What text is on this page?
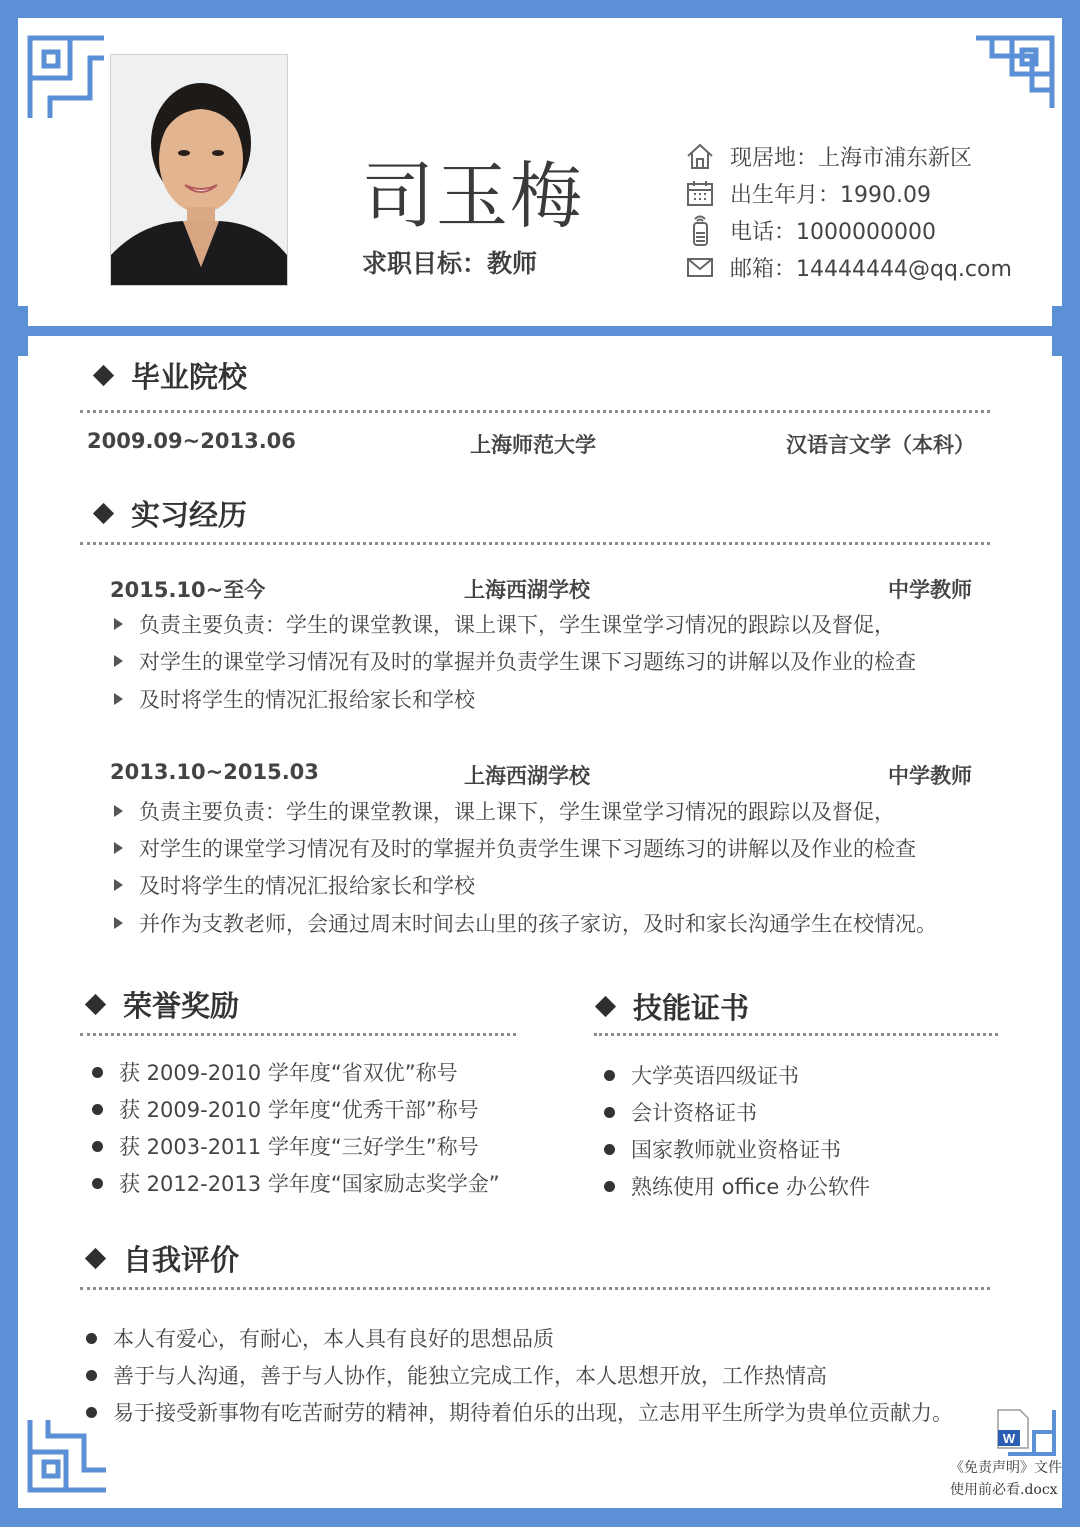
司玉梅
求职目标：教师
现居地：上海市浦东新区
出生年月：1990.09
电话：1000000000
邮箱：14444444@qq.com
毕业院校
2009.09~2013.06	上海师范大学	汉语言文学（本科）
实习经历
2015.10~至今	上海西湖学校	中学教师
负责主要负责：学生的课堂教课，课上课下，学生课堂学习情况的跟踪以及督促，
对学生的课堂学习情况有及时的掌握并负责学生课下习题练习的讲解以及作业的检查
及时将学生的情况汇报给家长和学校
2013.10~2015.03	上海西湖学校	中学教师
负责主要负责：学生的课堂教课，课上课下，学生课堂学习情况的跟踪以及督促，
对学生的课堂学习情况有及时的掌握并负责学生课下习题练习的讲解以及作业的检查
及时将学生的情况汇报给家长和学校
并作为支教老师，会通过周末时间去山里的孩子家访，及时和家长沟通学生在校情况。
荣誉奖励
获 2009-2010 学年度“省双优”称号
获 2009-2010 学年度“优秀干部”称号
获 2003-2011 学年度“三好学生”称号
获 2012-2013 学年度“国家励志奖学金”
技能证书
大学英语四级证书
会计资格证书
国家教师就业资格证书
熟练使用 office 办公软件
自我评价
本人有爱心，有耐心，本人具有良好的思想品质
善于与人沟通，善于与人协作，能独立完成工作，本人思想开放，工作热情高
易于接受新事物有吃苦耐劳的精神，期待着伯乐的出现，立志用平生所学为贵单位贡献力。
W
《免责声明》文件
使用前必看.docx
